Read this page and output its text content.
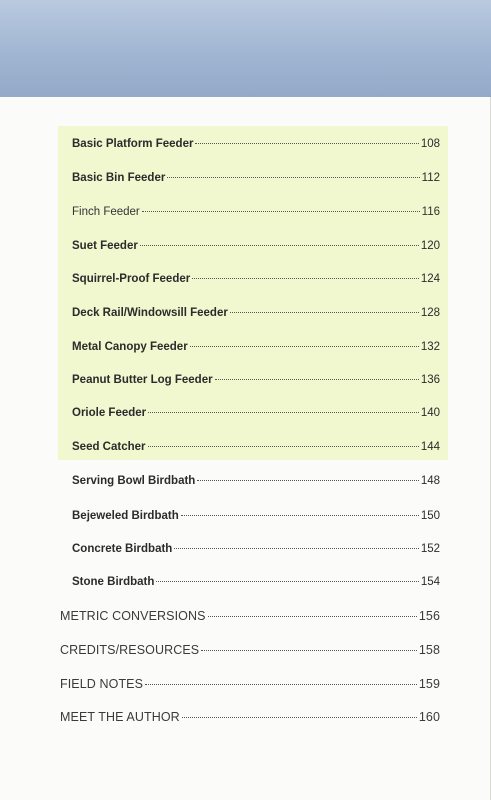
Basic Platform Feeder	108
Basic Bin Feeder	112
Finch Feeder	116
Suet Feeder	120
Squirrel-Proof Feeder	124
Deck Rail/Windowsill Feeder	128
Metal Canopy Feeder	132
Peanut Butter Log Feeder	136
Oriole Feeder	140
Seed Catcher	144
Serving Bowl Birdbath	148
Bejeweled Birdbath	150
Concrete Birdbath	152
Stone Birdbath	154
METRIC CONVERSIONS	156
CREDITS/RESOURCES	158
FIELD NOTES	159
MEET THE AUTHOR	160
